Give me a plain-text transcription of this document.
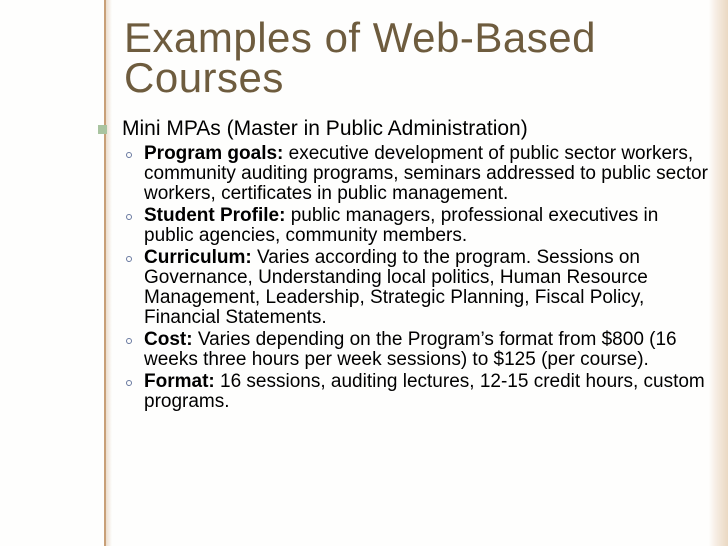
Examples of Web-Based
Courses
Mini MPAs (Master in Public Administration)
Program goals: executive development of public sector workers, community auditing programs, seminars addressed to public sector workers, certificates in public management.
Student Profile: public managers, professional executives in public agencies, community members.
Curriculum: Varies according to the program. Sessions on Governance, Understanding local politics, Human Resource Management, Leadership, Strategic Planning, Fiscal Policy, Financial Statements.
Cost: Varies depending on the Program’s format from $800 (16 weeks three hours per week sessions) to $125 (per course).
Format: 16 sessions, auditing lectures, 12-15 credit hours, custom programs.
